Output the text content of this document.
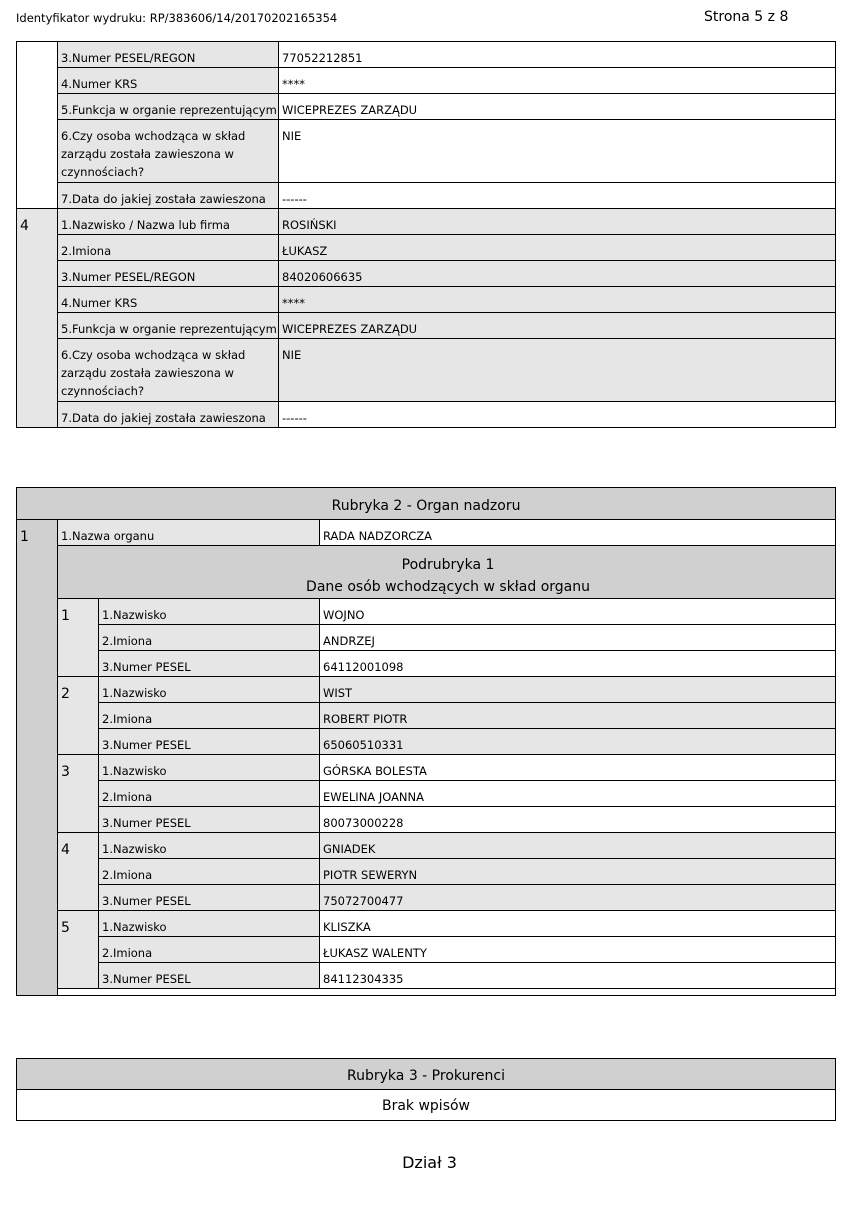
Identyfikator wydruku: RP/383606/14/20170202165354	Strona 5 z 8
	3.Numer PESEL/REGON	77052212851
	4.Numer KRS	****
	5.Funkcja w organie reprezentującym	WICEPREZES ZARZĄDU
	6.Czy osoba wchodząca w skład zarządu została zawieszona w czynnościach?	NIE
	7.Data do jakiej została zawieszona	------
4	1.Nazwisko / Nazwa lub firma	ROSIŃSKI
	2.Imiona	ŁUKASZ
	3.Numer PESEL/REGON	84020606635
	4.Numer KRS	****
	5.Funkcja w organie reprezentującym	WICEPREZES ZARZĄDU
	6.Czy osoba wchodząca w skład zarządu została zawieszona w czynnościach?	NIE
	7.Data do jakiej została zawieszona	------
Rubryka 2 - Organ nadzoru			
1	1.Nazwa organu		RADA NADZORCZA

	Podrubryka 1
Dane osób wchodzących w skład organu		

	1	1.Nazwisko	WOJNO
		2.Imiona	ANDRZEJ
		3.Numer PESEL	64112001098
	2	1.Nazwisko	WIST
		2.Imiona	ROBERT PIOTR
		3.Numer PESEL	65060510331
	3	1.Nazwisko	GÓRSKA BOLESTA
		2.Imiona	EWELINA JOANNA
		3.Numer PESEL	80073000228
	4	1.Nazwisko	GNIADEK
		2.Imiona	PIOTR SEWERYN
		3.Numer PESEL	75072700477
	5	1.Nazwisko	KLISZKA
		2.Imiona	ŁUKASZ WALENTY
		3.Numer PESEL	84112304335

Rubryka 3 - Prokurenci
Brak wpisów
Dział 3
